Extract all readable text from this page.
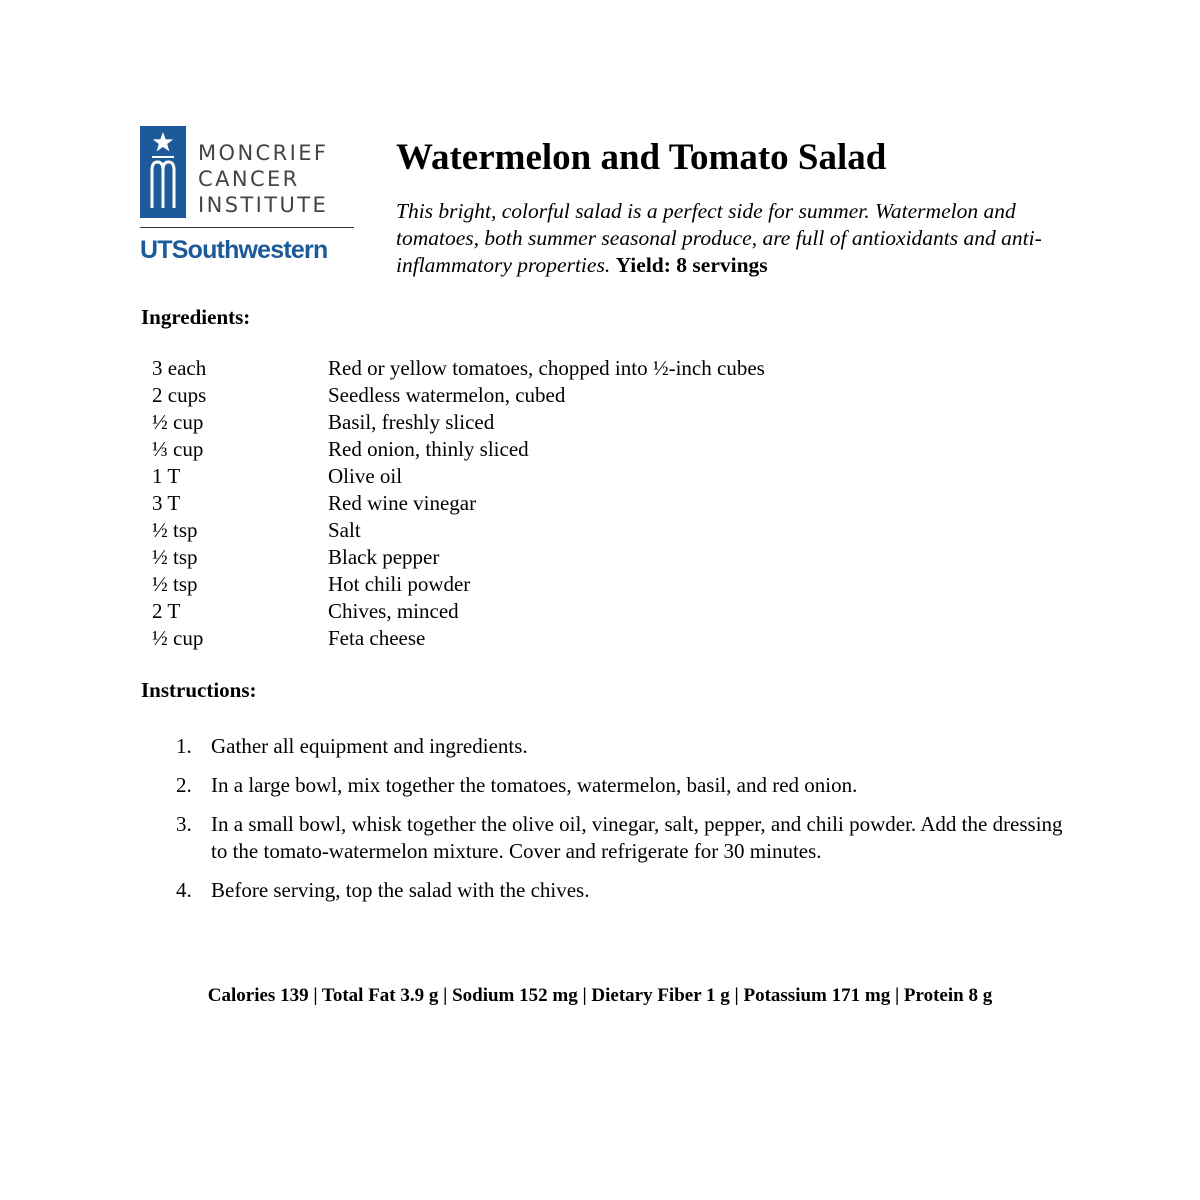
MONCRIEF
CANCER
INSTITUTE
UTSouthwestern
Watermelon and Tomato Salad

This bright, colorful salad is a perfect side for summer. Watermelon and tomatoes, both summer seasonal produce, are full of antioxidants and anti-inflammatory properties. Yield: 8 servings

Ingredients:
3 each	Red or yellow tomatoes, chopped into ½-inch cubes
2 cups	Seedless watermelon, cubed
½ cup	Basil, freshly sliced
⅓ cup	Red onion, thinly sliced
1 T	Olive oil
3 T	Red wine vinegar
½ tsp	Salt
½ tsp	Black pepper
½ tsp	Hot chili powder
2 T	Chives, minced
½ cup	Feta cheese
Instructions:
1. Gather all equipment and ingredients.
2. In a large bowl, mix together the tomatoes, watermelon, basil, and red onion.
3. In a small bowl, whisk together the olive oil, vinegar, salt, pepper, and chili powder. Add the dressing to the tomato-watermelon mixture. Cover and refrigerate for 30 minutes.
4. Before serving, top the salad with the chives.

Calories 139 | Total Fat 3.9 g | Sodium 152 mg | Dietary Fiber 1 g | Potassium 171 mg | Protein 8 g
